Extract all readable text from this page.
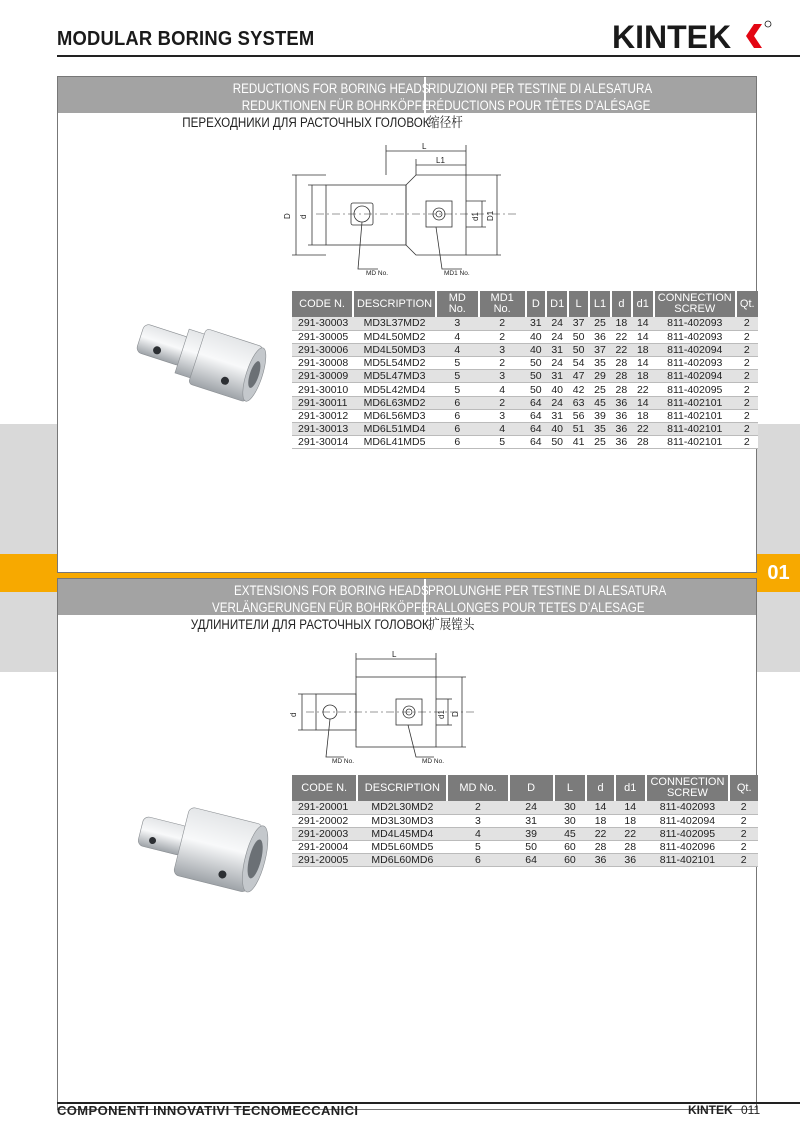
MODULAR BORING SYSTEM	KINTEK
01
REDUCTIONS FOR BORING HEADS
REDUKTIONEN FÜR BOHRKÖPFE
ПЕРЕХОДНИКИ ДЛЯ РАСТОЧНЫХ ГОЛОВОК
RIDUZIONI PER TESTINE DI ALESATURA
RÉDUCTIONS POUR TÊTES D’ALÉSAGE
缩径杆
L
L1
D d	d1 D1
MD No.	MD1 No.
CODE N.	DESCRIPTION	MD No.	MD1 No.	D	D1	L	L1	d	d1	CONNECTION SCREW	Qt.
291-30003	MD3L37MD2	3	2	31	24	37	25	18	14	811-402093	2
291-30005	MD4L50MD2	4	2	40	24	50	36	22	14	811-402093	2
291-30006	MD4L50MD3	4	3	40	31	50	37	22	18	811-402094	2
291-30008	MD5L54MD2	5	2	50	24	54	35	28	14	811-402093	2
291-30009	MD5L47MD3	5	3	50	31	47	29	28	18	811-402094	2
291-30010	MD5L42MD4	5	4	50	40	42	25	28	22	811-402095	2
291-30011	MD6L63MD2	6	2	64	24	63	45	36	14	811-402101	2
291-30012	MD6L56MD3	6	3	64	31	56	39	36	18	811-402101	2
291-30013	MD6L51MD4	6	4	64	40	51	35	36	22	811-402101	2
291-30014	MD6L41MD5	6	5	64	50	41	25	36	28	811-402101	2
EXTENSIONS FOR BORING HEADS
VERLÄNGERUNGEN FÜR BOHRKÖPFE
УДЛИНИТЕЛИ ДЛЯ РАСТОЧНЫХ ГОЛОВОК
PROLUNGHE PER TESTINE DI ALESATURA
RALLONGES POUR TETES D’ALESAGE
扩展镗头
L
d	d1 D
MD No.	MD No.
CODE N.	DESCRIPTION	MD No.	D	L	d	d1	CONNECTION SCREW	Qt.
291-20001	MD2L30MD2	2	24	30	14	14	811-402093	2
291-20002	MD3L30MD3	3	31	30	18	18	811-402094	2
291-20003	MD4L45MD4	4	39	45	22	22	811-402095	2
291-20004	MD5L60MD5	5	50	60	28	28	811-402096	2
291-20005	MD6L60MD6	6	64	60	36	36	811-402101	2
COMPONENTI INNOVATIVI TECNOMECCANICI	KINTEK 011
